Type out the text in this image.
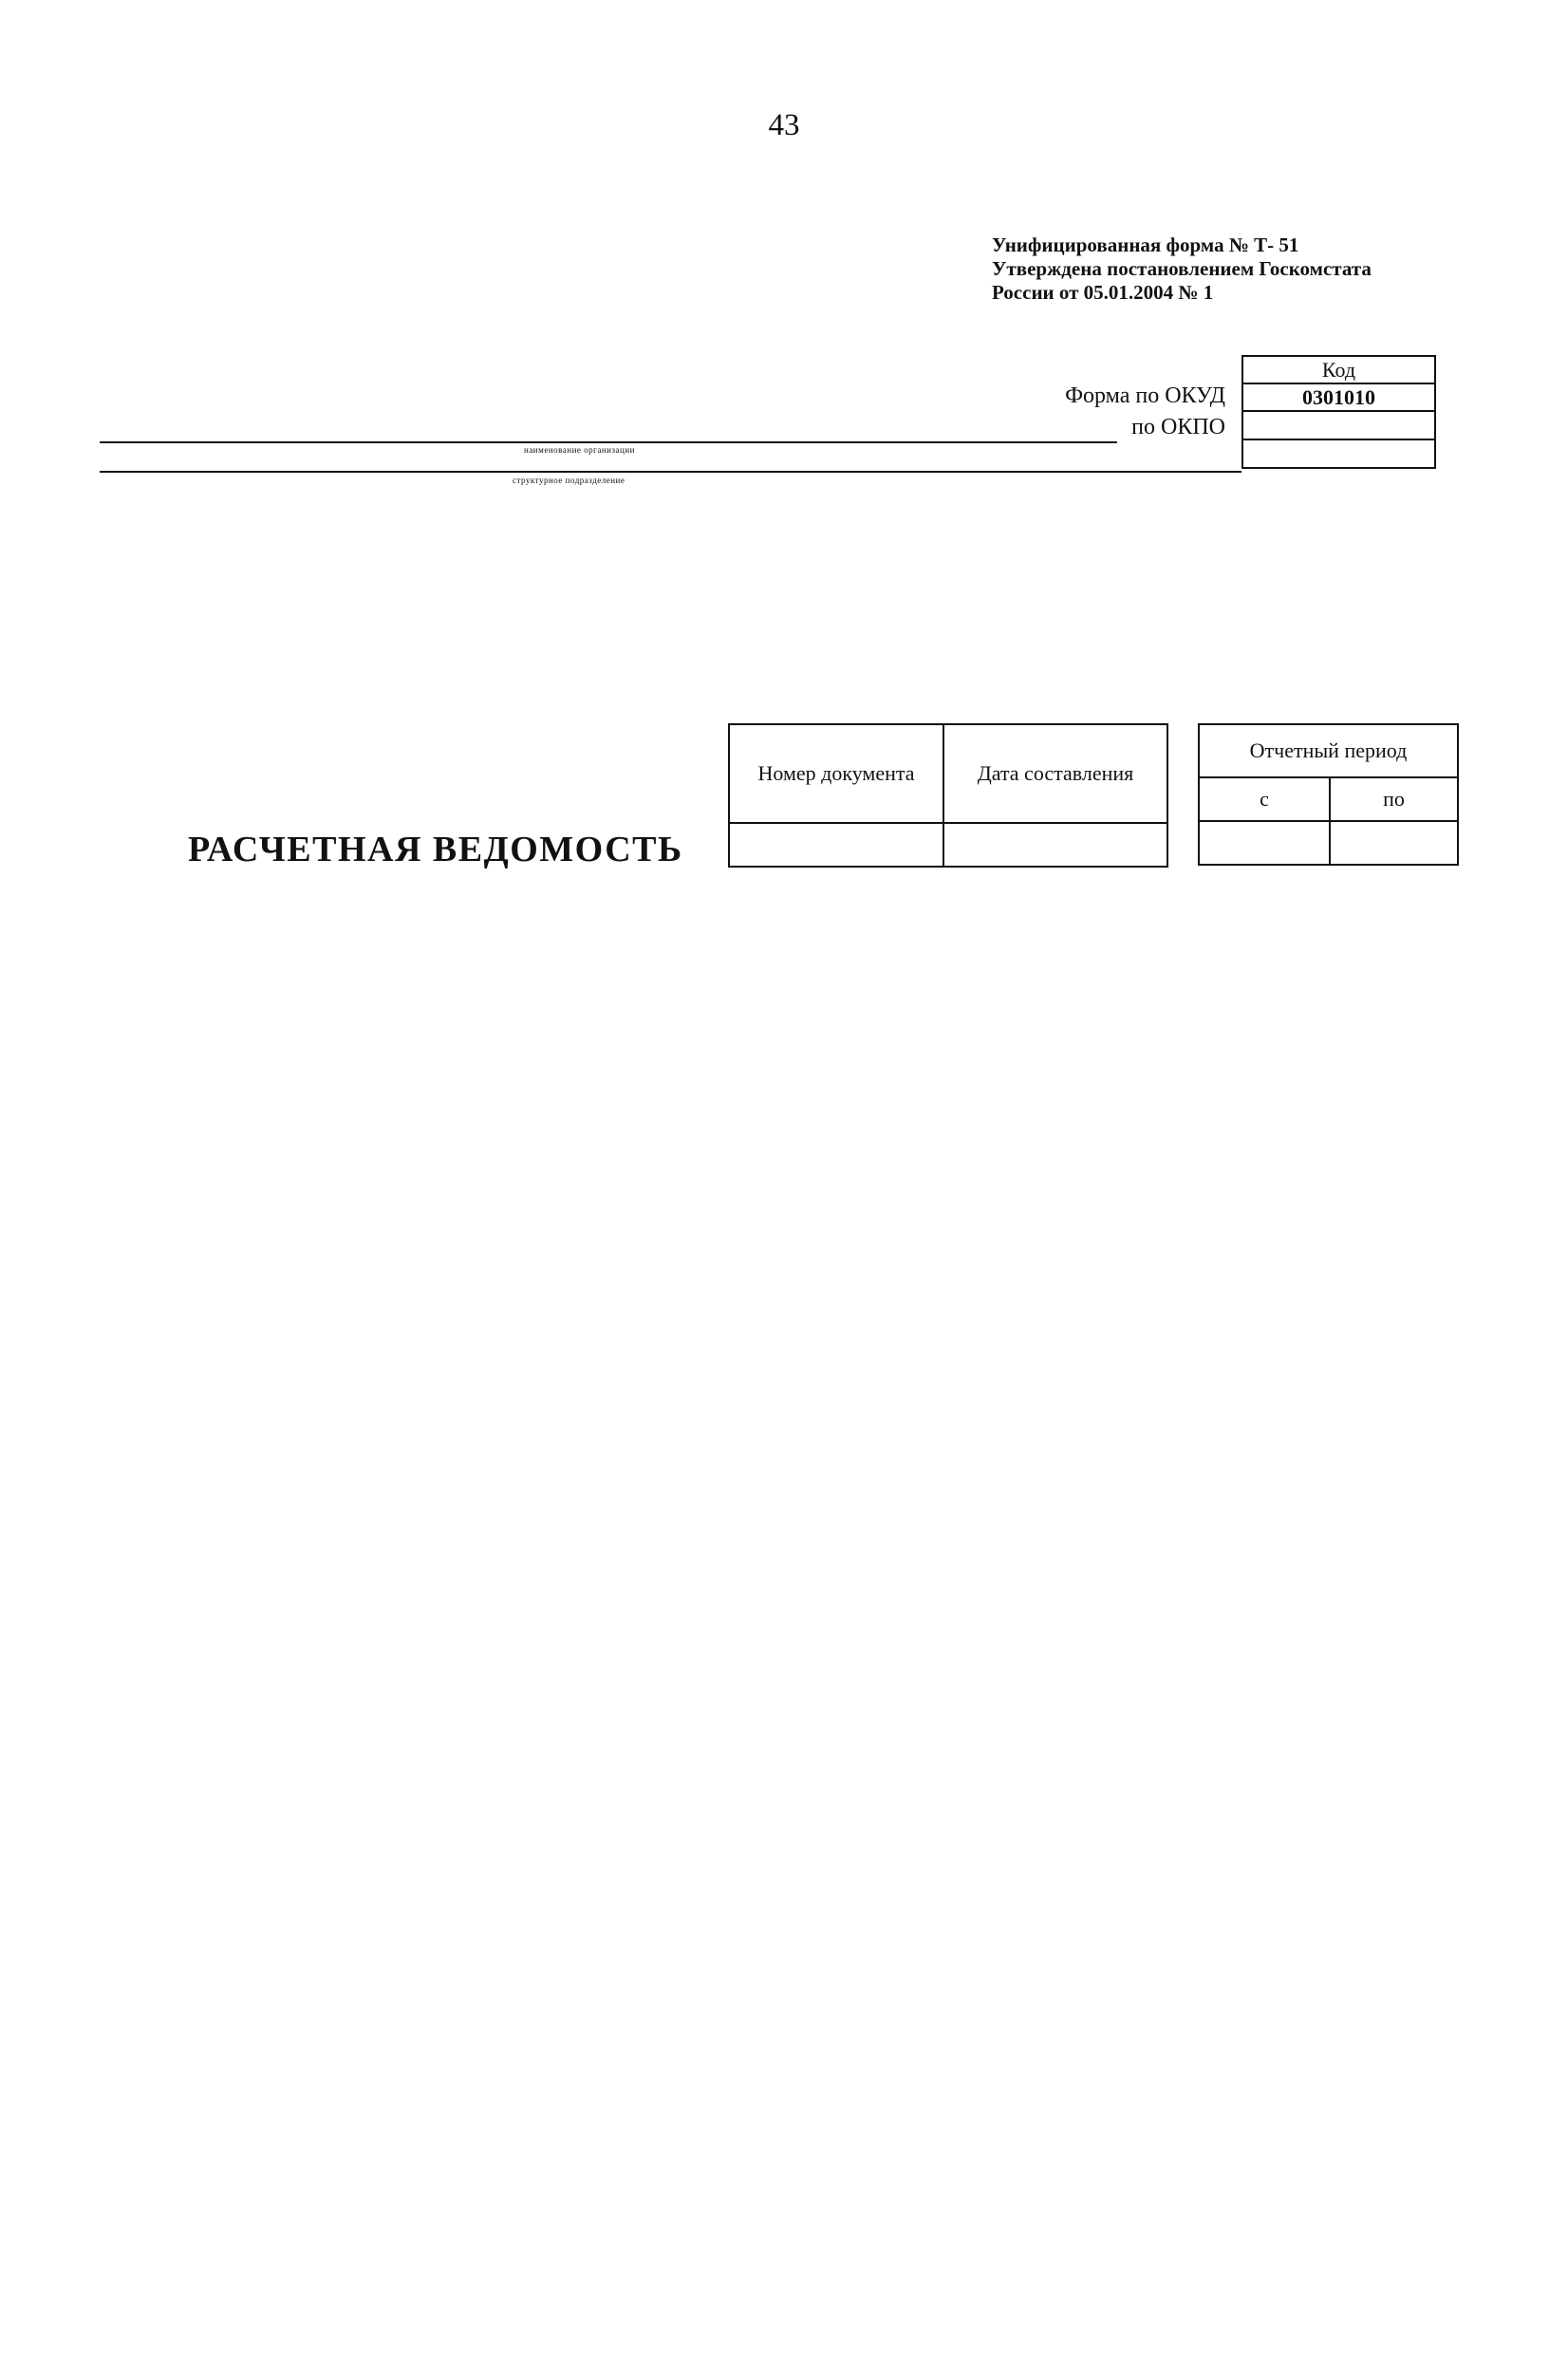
43
Унифицированная форма № Т- 51
Утверждена постановлением Госкомстата
России от 05.01.2004 № 1
Форма по ОКУД
по ОКПО
Код
0301010

наименование организации
структурное подразделение
РАСЧЕТНАЯ ВЕДОМОСТЬ
Номер документа	Дата составления

Отчетный период	
с	по
